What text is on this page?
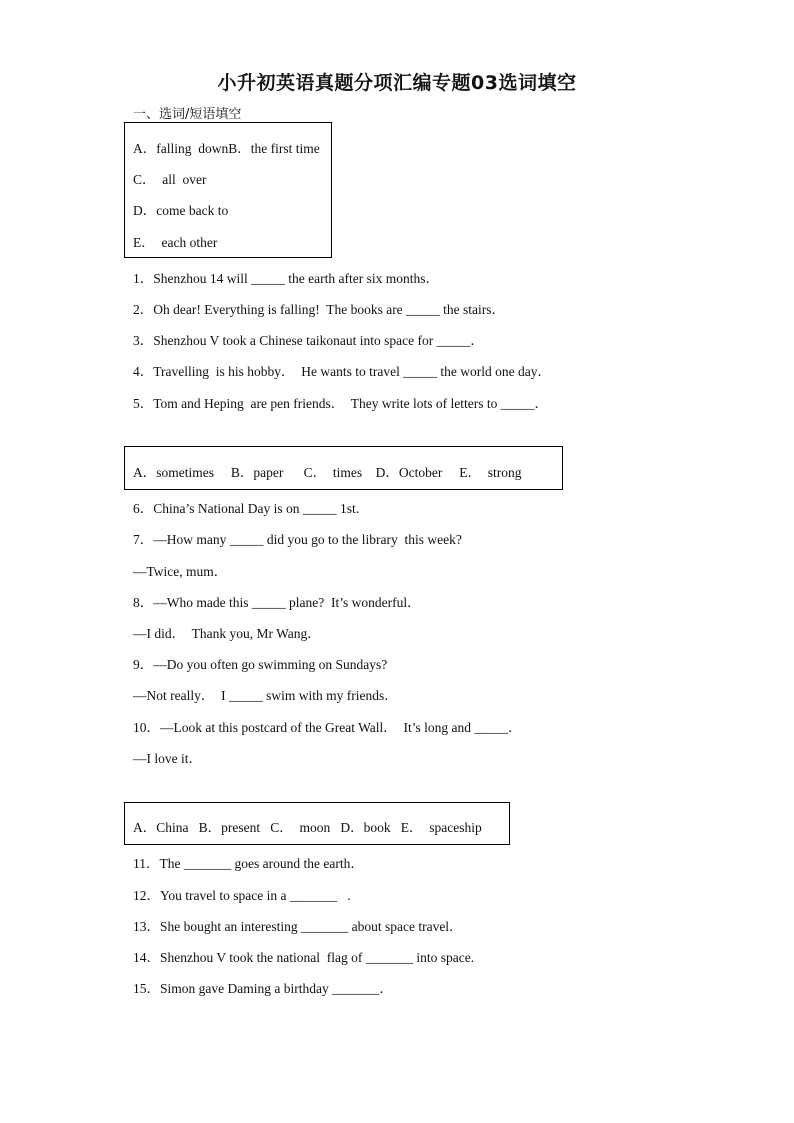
小升初英语真题分项汇编专题03选词填空
一、选词/短语填空
A．falling  downB．the first time
C．  all  over
D．come back to
E．  each other
1．Shenzhou 14 will _____ the earth after six months．
2．Oh dear! Everything is falling!  The books are _____ the stairs．
3．Shenzhou V took a Chinese taikonaut into space for _____．
4．Travelling  is his hobby．  He wants to travel _____ the world one day．
5．Tom and Heping  are pen friends．  They write lots of letters to _____．
A．sometimes     B．paper      C．  times    D．October     E．  strong
6．China’s National Day is on _____ 1st.
7．—How many _____ did you go to the library  this week?
—Twice, mum．
8．—Who made this _____ plane?  It’s wonderful．
—I did．  Thank you, Mr Wang．
9．—Do you often go swimming on Sundays?
—Not really．  I _____ swim with my friends．
10．—Look at this postcard of the Great Wall．  It’s long and _____．
—I love it．
A．China   B．present   C．  moon   D．book   E．  spaceship
11．The _______ goes around the earth．
12．You travel to space in a _______   .
13．She bought an interesting _______ about space travel．
14．Shenzhou V took the national  flag of _______ into space.
15．Simon gave Daming a birthday _______．
